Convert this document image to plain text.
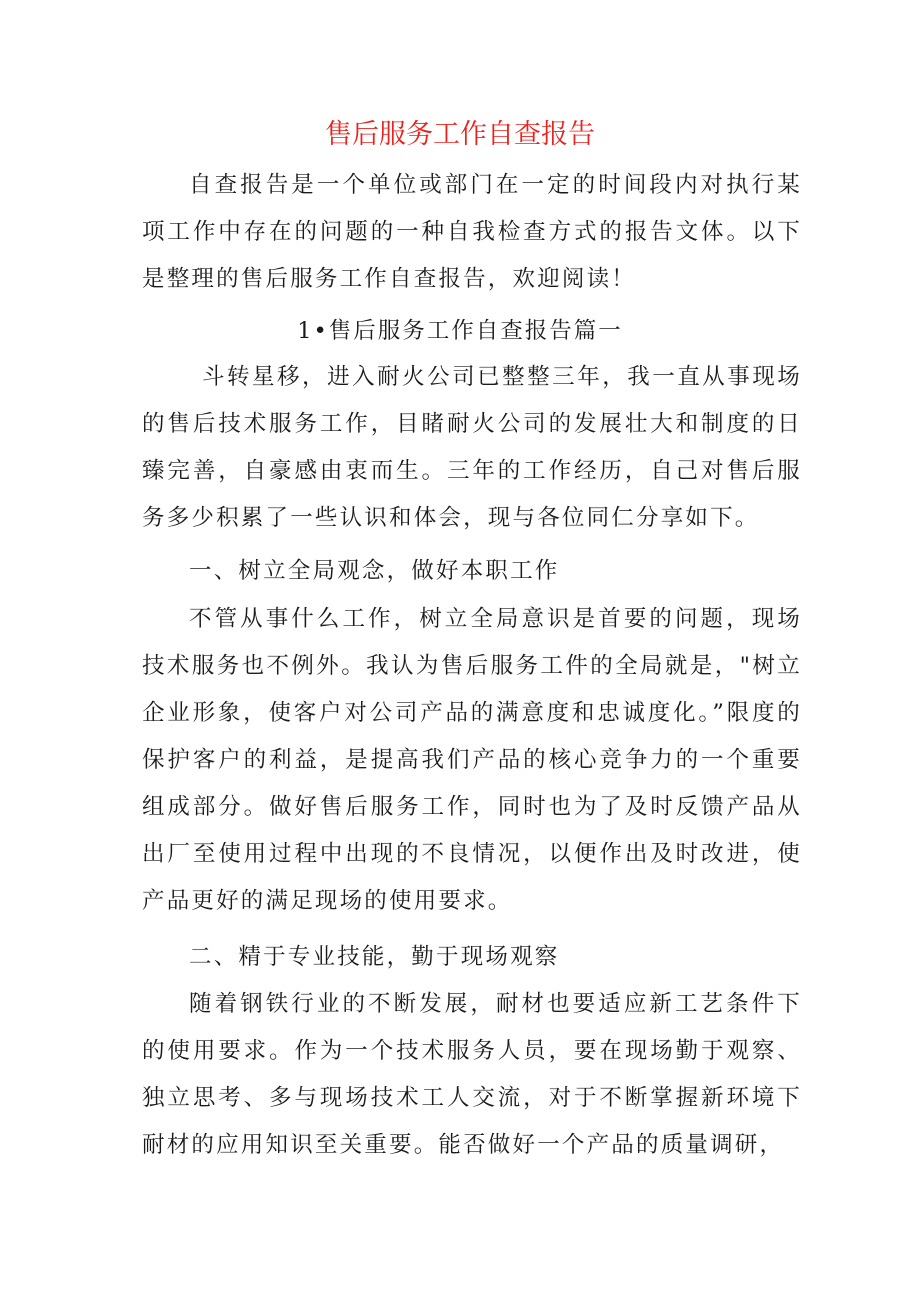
售后服务工作自查报告

自查报告是一个单位或部门在一定的时间段内对执行某项工作中存在的问题的一种自我检查方式的报告文体。以下是整理的售后服务工作自查报告，欢迎阅读！

1•售后服务工作自查报告篇一

斗转星移，进入耐火公司已整整三年，我一直从事现场的售后技术服务工作，目睹耐火公司的发展壮大和制度的日臻完善，自豪感由衷而生。三年的工作经历，自己对售后服务多少积累了一些认识和体会，现与各位同仁分享如下。

一、树立全局观念，做好本职工作

不管从事什么工作，树立全局意识是首要的问题，现场技术服务也不例外。我认为售后服务工件的全局就是，"树立企业形象，使客户对公司产品的满意度和忠诚度化。”限度的保护客户的利益，是提高我们产品的核心竞争力的一个重要组成部分。做好售后服务工作，同时也为了及时反馈产品从出厂至使用过程中出现的不良情况，以便作出及时改进，使产品更好的满足现场的使用要求。

二、精于专业技能，勤于现场观察

随着钢铁行业的不断发展，耐材也要适应新工艺条件下的使用要求。作为一个技术服务人员，要在现场勤于观察、独立思考、多与现场技术工人交流，对于不断掌握新环境下耐材的应用知识至关重要。能否做好一个产品的质量调研，
